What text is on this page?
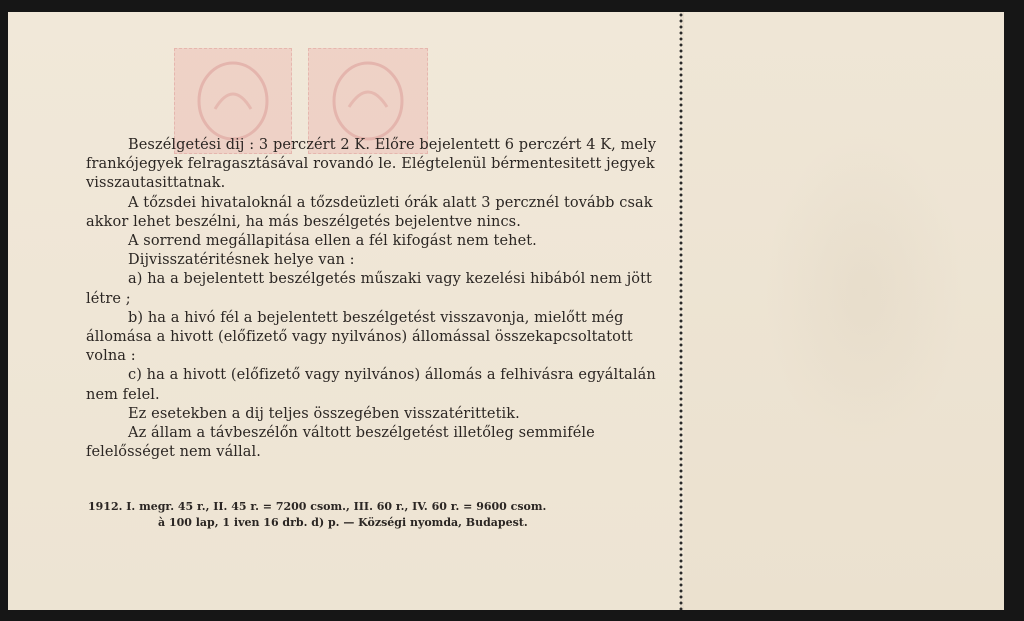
Beszélgetési dij : 3 perczért 2 K. Előre bejelentett 6 perczért 4 K, mely frankójegyek felragasztásával rovandó le. Elégtelenül bérmentesitett jegyek visszautasittatnak.

A tőzsdei hivataloknál a tőzsdeüzleti órák alatt 3 percznél tovább csak akkor lehet beszélni, ha más beszélgetés bejelentve nincs.

A sorrend megállapitása ellen a fél kifogást nem tehet.

Dijvisszatéritésnek helye van :

a) ha a bejelentett beszélgetés műszaki vagy kezelési hibából nem jött létre ;

b) ha a hivó fél a bejelentett beszélgetést visszavonja, mielőtt még állomása a hivott (előfizető vagy nyilvános) állomással összekapcsoltatott volna :

c) ha a hivott (előfizető vagy nyilvános) állomás a felhivásra egyáltalán nem felel.

Ez esetekben a dij teljes összegében visszatérittetik.

Az állam a távbeszélőn váltott beszélgetést illetőleg semmiféle felelősséget nem vállal.

1912. I. megr. 45 r., II. 45 r. = 7200 csom., III. 60 r., IV. 60 r. = 9600 csom.

à 100 lap, 1 iven 16 drb. d) p. — Községi nyomda, Budapest.
